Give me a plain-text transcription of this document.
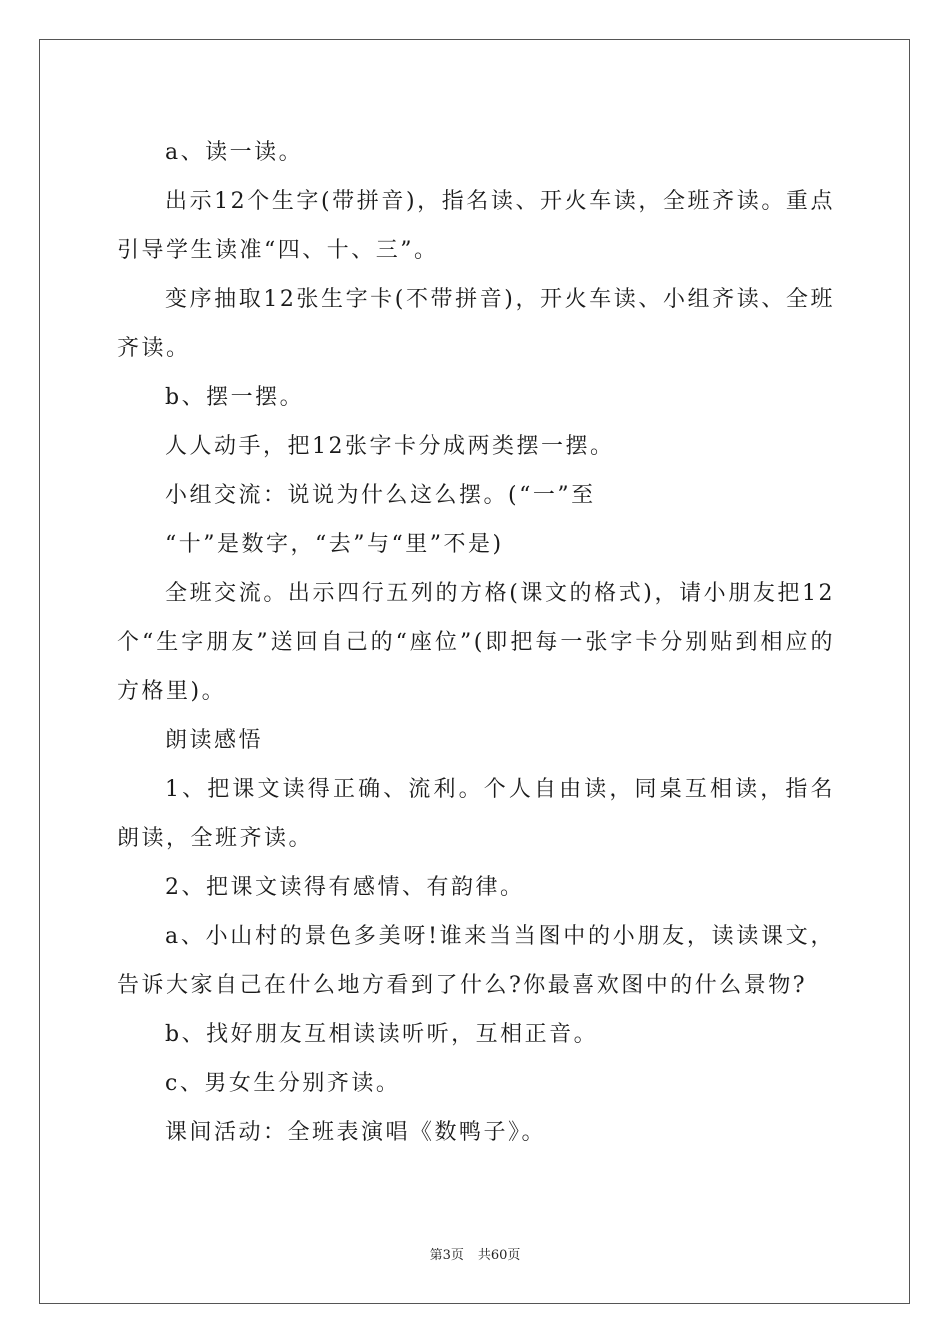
a、读一读。

出示12个生字(带拼音)，指名读、开火车读，全班齐读。重点引导学生读准“四、十、三”。

变序抽取12张生字卡(不带拼音)，开火车读、小组齐读、全班齐读。

b、摆一摆。

人人动手，把12张字卡分成两类摆一摆。

小组交流：说说为什么这么摆。(“一”至

“十”是数字，“去”与“里”不是)

全班交流。出示四行五列的方格(课文的格式)，请小朋友把12个“生字朋友”送回自己的“座位”(即把每一张字卡分别贴到相应的方格里)。

朗读感悟

1、把课文读得正确、流利。个人自由读，同桌互相读，指名朗读，全班齐读。

2、把课文读得有感情、有韵律。

a、小山村的景色多美呀!谁来当当图中的小朋友，读读课文，告诉大家自己在什么地方看到了什么?你最喜欢图中的什么景物?

b、找好朋友互相读读听听，互相正音。

c、男女生分别齐读。

课间活动：全班表演唱《数鸭子》。

第3页 共60页
